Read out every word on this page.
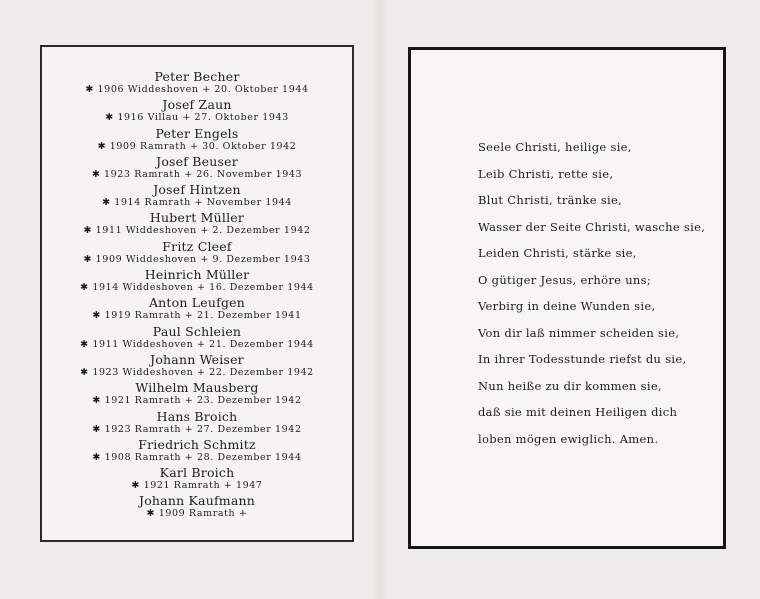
Peter Becher
✱ 1906 Widdeshoven + 20. Oktober 1944
Josef Zaun
✱ 1916 Villau + 27. Oktober 1943
Peter Engels
✱ 1909 Ramrath + 30. Oktober 1942
Josef Beuser
✱ 1923 Ramrath + 26. November 1943
Josef Hintzen
✱ 1914 Ramrath + November 1944
Hubert Müller
✱ 1911 Widdeshoven + 2. Dezember 1942
Fritz Cleef
✱ 1909 Widdeshoven + 9. Dezember 1943
Heinrich Müller
✱ 1914 Widdeshoven + 16. Dezember 1944
Anton Leufgen
✱ 1919 Ramrath + 21. Dezember 1941
Paul Schleien
✱ 1911 Widdeshoven + 21. Dezember 1944
Johann Weiser
✱ 1923 Widdeshoven + 22. Dezember 1942
Wilhelm Mausberg
✱ 1921 Ramrath + 23. Dezember 1942
Hans Broich
✱ 1923 Ramrath + 27. Dezember 1942
Friedrich Schmitz
✱ 1908 Ramrath + 28. Dezember 1944
Karl Broich
✱ 1921 Ramrath + 1947
Johann Kaufmann
✱ 1909 Ramrath +
Seele Christi, heilige sie,
Leib Christi, rette sie,
Blut Christi, tränke sie,
Wasser der Seite Christi, wasche sie,
Leiden Christi, stärke sie,
O gütiger Jesus, erhöre uns;
Verbirg in deine Wunden sie,
Von dir laß nimmer scheiden sie,
In ihrer Todesstunde riefst du sie,
Nun heiße zu dir kommen sie,
daß sie mit deinen Heiligen dich
loben mögen ewiglich. Amen.
